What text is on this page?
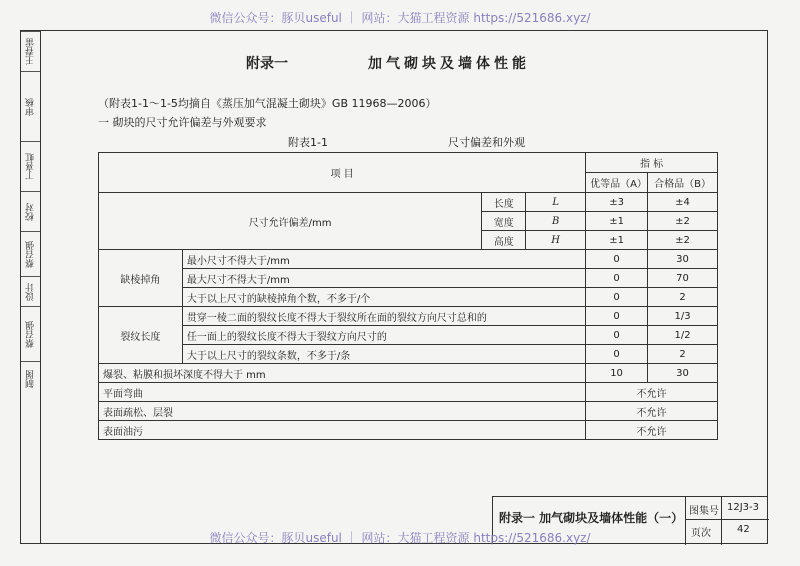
微信公众号：豚贝useful ｜ 网站：大猫工程资源 https://521686.xyz/
王春雷
审核
丁喜虹
校对
蔡召强
设计
蔡召强
制图
附录一	加气砌块及墙体性能
（附表1-1～1-5均摘自《蒸压加气混凝土砌块》GB 11968—2006）
一 砌块的尺寸允许偏差与外观要求
附表1-1	尺寸偏差和外观
项 目				指 标	
				优等品（A）	合格品（B）
尺寸允许偏差/mm		长度	L	±3	±4
		宽度	B	±1	±2
		高度	H	±1	±2
缺棱掉角	最小尺寸不得大于/mm			0	30
	最大尺寸不得大于/mm			0	70
	大于以上尺寸的缺棱掉角个数，不多于/个			0	2
裂纹长度	贯穿一棱二面的裂纹长度不得大于裂纹所在面的裂纹方向尺寸总和的			0	1/3
	任一面上的裂纹长度不得大于裂纹方向尺寸的			0	1/2
	大于以上尺寸的裂纹条数，不多于/条			0	2
爆裂、粘膜和损坏深度不得大于 mm				10	30
平面弯曲				不允许	
表面疏松、层裂				不允许	
表面油污				不允许	
附录一 加气砌块及墙体性能（一） 图集号 12J3-3
页次	42
微信公众号：豚贝useful ｜ 网站：大猫工程资源 https://521686.xyz/
